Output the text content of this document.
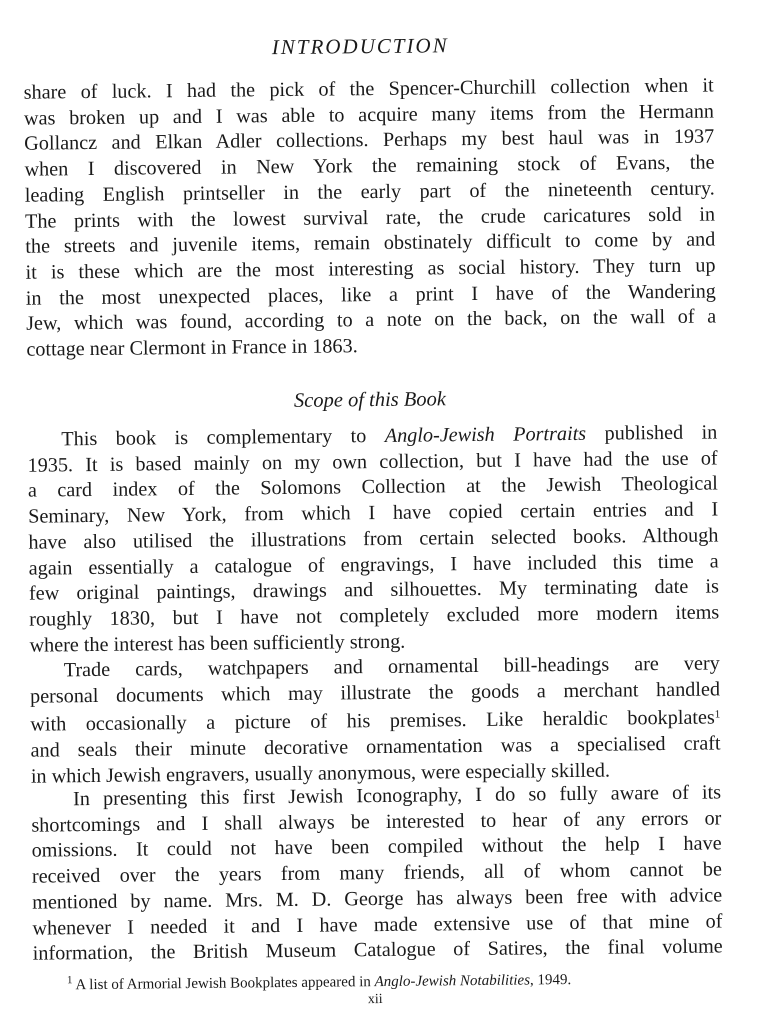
INTRODUCTION
share of luck. I had the pick of the Spencer-Churchill collection when it
was broken up and I was able to acquire many items from the Hermann
Gollancz and Elkan Adler collections. Perhaps my best haul was in 1937
when I discovered in New York the remaining stock of Evans, the
leading English printseller in the early part of the nineteenth century.
The prints with the lowest survival rate, the crude caricatures sold in
the streets and juvenile items, remain obstinately difficult to come by and
it is these which are the most interesting as social history. They turn up
in the most unexpected places, like a print I have of the Wandering
Jew, which was found, according to a note on the back, on the wall of a
cottage near Clermont in France in 1863.
Scope of this Book
This book is complementary to Anglo-Jewish Portraits published in
1935. It is based mainly on my own collection, but I have had the use of
a card index of the Solomons Collection at the Jewish Theological
Seminary, New York, from which I have copied certain entries and I
have also utilised the illustrations from certain selected books. Although
again essentially a catalogue of engravings, I have included this time a
few original paintings, drawings and silhouettes. My terminating date is
roughly 1830, but I have not completely excluded more modern items
where the interest has been sufficiently strong.
Trade cards, watchpapers and ornamental bill-headings are very
personal documents which may illustrate the goods a merchant handled
with occasionally a picture of his premises. Like heraldic bookplates$^1$
and seals their minute decorative ornamentation was a specialised craft
in which Jewish engravers, usually anonymous, were especially skilled.
In presenting this first Jewish Iconography, I do so fully aware of its
shortcomings and I shall always be interested to hear of any errors or
omissions. It could not have been compiled without the help I have
received over the years from many friends, all of whom cannot be
mentioned by name. Mrs. M. D. George has always been free with advice
whenever I needed it and I have made extensive use of that mine of
information, the British Museum Catalogue of Satires, the final volume
$^1$ A list of Armorial Jewish Bookplates appeared in Anglo-Jewish Notabilities, 1949.
xii
